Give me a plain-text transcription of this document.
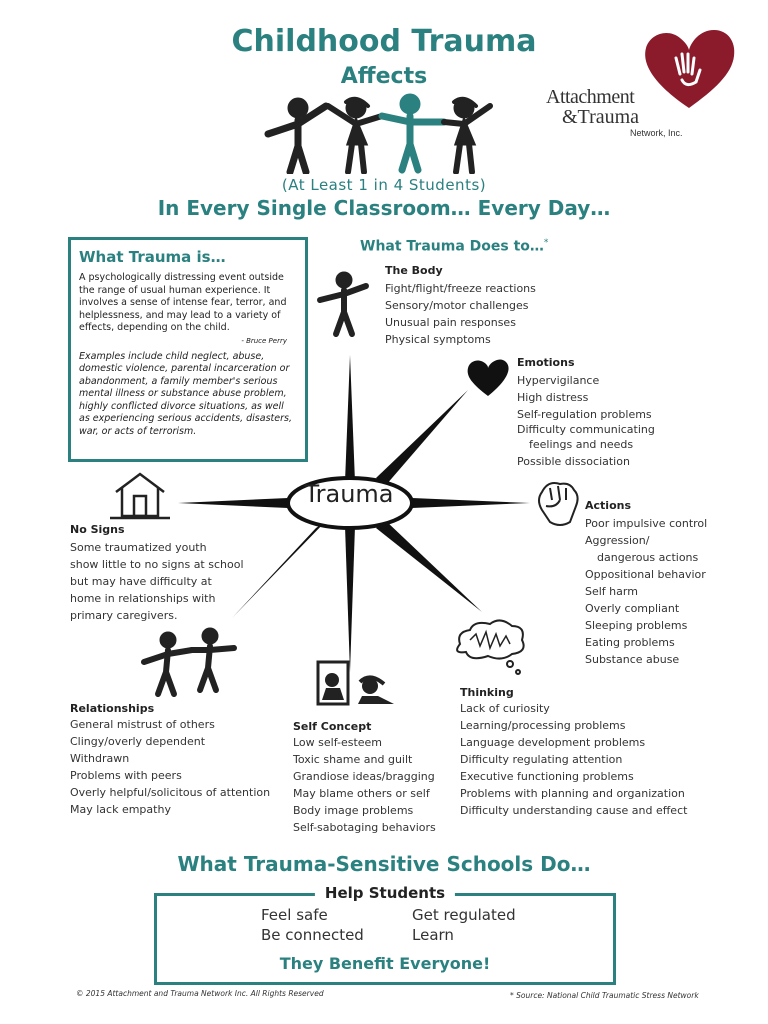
Childhood Trauma
Affects
Attachment
&Trauma
Network, Inc.
(At Least 1 in 4 Students)
In Every Single Classroom… Every Day…
What Trauma is…
A psychologically distressing event outside the range of usual human experience. It involves a sense of intense fear, terror, and helplessness, and may lead to a variety of effects, depending on the child.
- Bruce Perry
Examples include child neglect, abuse, domestic violence, parental incarceration or abandonment, a family member's serious mental illness or substance abuse problem, highly conflicted divorce situations, as well as experiencing serious accidents, disasters, war, or acts of terrorism.
What Trauma Does to…*
Trauma
The Body
Fight/flight/freeze reactions
Sensory/motor challenges
Unusual pain responses
Physical symptoms
Emotions
Hypervigilance
High distress
Self-regulation problems
Difficulty communicating
feelings and needs
Possible dissociation
Actions
Poor impulsive control
Aggression/
dangerous actions
Oppositional behavior
Self harm
Overly compliant
Sleeping problems
Eating problems
Substance abuse
Thinking
Lack of curiosity
Learning/processing problems
Language development problems
Difficulty regulating attention
Executive functioning problems
Problems with planning and organization
Difficulty understanding cause and effect
Self Concept
Low self-esteem
Toxic shame and guilt
Grandiose ideas/bragging
May blame others or self
Body image problems
Self-sabotaging behaviors
Relationships
General mistrust of others
Clingy/overly dependent
Withdrawn
Problems with peers
Overly helpful/solicitous of attention
May lack empathy
No Signs
Some traumatized youth
show little to no signs at school
but may have difficulty at
home in relationships with
primary caregivers.
What Trauma-Sensitive Schools Do…
Help Students
Feel safe	Get regulated
Be connected	Learn
They Benefit Everyone!
© 2015 Attachment and Trauma Network Inc. All Rights Reserved	* Source: National Child Traumatic Stress Network
